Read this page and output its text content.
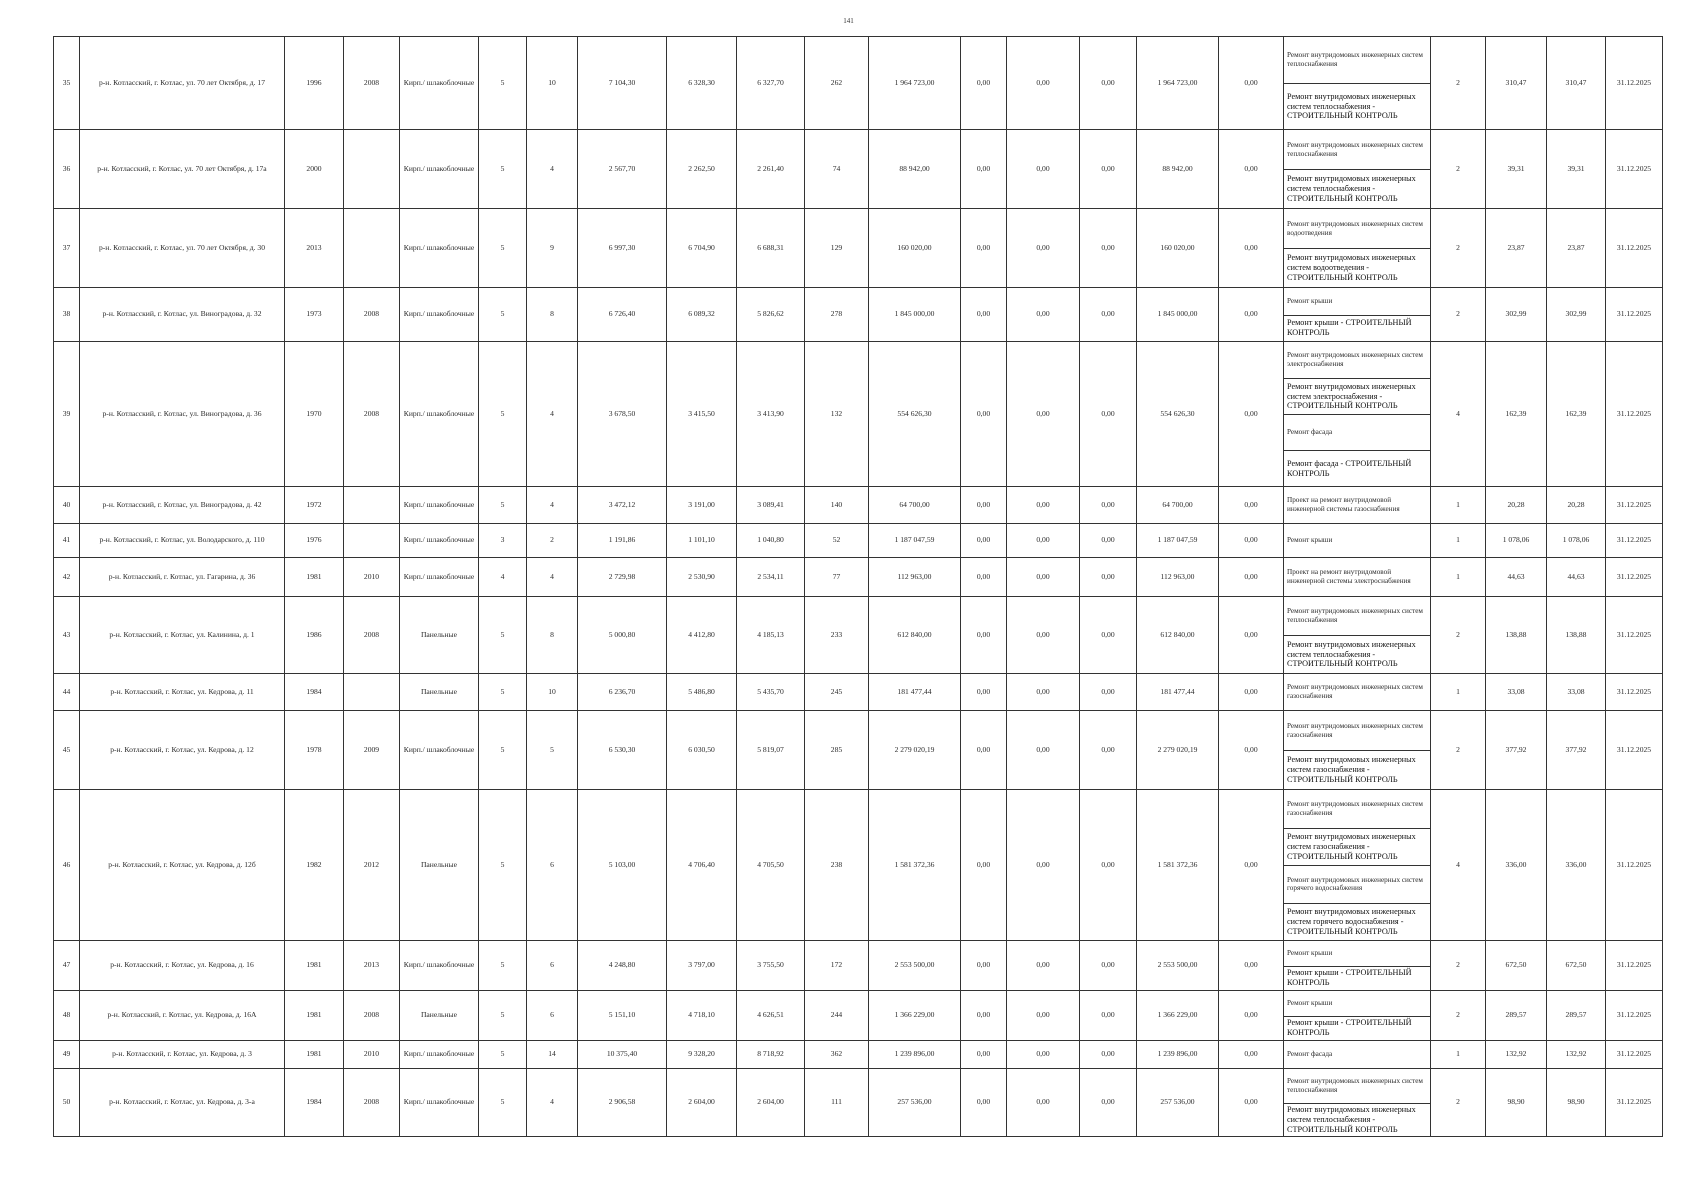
141
35	р-н. Котласский, г. Котлас, ул. 70 лет Октября, д. 17	1996	2008	Кирп./ шлакоблочные	5	10	7 104,30	6 328,30	6 327,70	262	1 964 723,00	0,00	0,00	0,00	1 964 723,00	0,00	Ремонт внутридомовых инженерных систем теплоснабжения
Ремонт внутридомовых инженерных систем теплоснабжения - СТРОИТЕЛЬНЫЙ КОНТРОЛЬ	2	310,47	310,47	31.12.2025
36	р-н. Котласский, г. Котлас, ул. 70 лет Октября, д. 17а	2000		Кирп./ шлакоблочные	5	4	2 567,70	2 262,50	2 261,40	74	88 942,00	0,00	0,00	0,00	88 942,00	0,00	Ремонт внутридомовых инженерных систем теплоснабжения
Ремонт внутридомовых инженерных систем теплоснабжения - СТРОИТЕЛЬНЫЙ КОНТРОЛЬ	2	39,31	39,31	31.12.2025
37	р-н. Котласский, г. Котлас, ул. 70 лет Октября, д. 30	2013		Кирп./ шлакоблочные	5	9	6 997,30	6 704,90	6 688,31	129	160 020,00	0,00	0,00	0,00	160 020,00	0,00	Ремонт внутридомовых инженерных систем водоотведения
Ремонт внутридомовых инженерных систем водоотведения - СТРОИТЕЛЬНЫЙ КОНТРОЛЬ	2	23,87	23,87	31.12.2025
38	р-н. Котласский, г. Котлас, ул. Виноградова, д. 32	1973	2008	Кирп./ шлакоблочные	5	8	6 726,40	6 089,32	5 826,62	278	1 845 000,00	0,00	0,00	0,00	1 845 000,00	0,00	Ремонт крыши
Ремонт крыши - СТРОИТЕЛЬНЫЙ КОНТРОЛЬ	2	302,99	302,99	31.12.2025
39	р-н. Котласский, г. Котлас, ул. Виноградова, д. 36	1970	2008	Кирп./ шлакоблочные	5	4	3 678,50	3 415,50	3 413,90	132	554 626,30	0,00	0,00	0,00	554 626,30	0,00	Ремонт внутридомовых инженерных систем электроснабжения
Ремонт внутридомовых инженерных систем электроснабжения - СТРОИТЕЛЬНЫЙ КОНТРОЛЬ
Ремонт фасада
Ремонт фасада - СТРОИТЕЛЬНЫЙ КОНТРОЛЬ	4	162,39	162,39	31.12.2025
40	р-н. Котласский, г. Котлас, ул. Виноградова, д. 42	1972		Кирп./ шлакоблочные	5	4	3 472,12	3 191,00	3 089,41	140	64 700,00	0,00	0,00	0,00	64 700,00	0,00	Проект на ремонт внутридомовой инженерной системы газоснабжения	1	20,28	20,28	31.12.2025
41	р-н. Котласский, г. Котлас, ул. Володарского, д. 110	1976		Кирп./ шлакоблочные	3	2	1 191,86	1 101,10	1 040,80	52	1 187 047,59	0,00	0,00	0,00	1 187 047,59	0,00	Ремонт крыши	1	1 078,06	1 078,06	31.12.2025
42	р-н. Котласский, г. Котлас, ул. Гагарина, д. 36	1981	2010	Кирп./ шлакоблочные	4	4	2 729,98	2 530,90	2 534,11	77	112 963,00	0,00	0,00	0,00	112 963,00	0,00	Проект на ремонт внутридомовой инженерной системы электроснабжения	1	44,63	44,63	31.12.2025
43	р-н. Котласский, г. Котлас, ул. Калинина, д. 1	1986	2008	Панельные	5	8	5 000,80	4 412,80	4 185,13	233	612 840,00	0,00	0,00	0,00	612 840,00	0,00	Ремонт внутридомовых инженерных систем теплоснабжения
Ремонт внутридомовых инженерных систем теплоснабжения - СТРОИТЕЛЬНЫЙ КОНТРОЛЬ	2	138,88	138,88	31.12.2025
44	р-н. Котласский, г. Котлас, ул. Кедрова, д. 11	1984		Панельные	5	10	6 236,70	5 486,80	5 435,70	245	181 477,44	0,00	0,00	0,00	181 477,44	0,00	Ремонт внутридомовых инженерных систем газоснабжения	1	33,08	33,08	31.12.2025
45	р-н. Котласский, г. Котлас, ул. Кедрова, д. 12	1978	2009	Кирп./ шлакоблочные	5	5	6 530,30	6 030,50	5 819,07	285	2 279 020,19	0,00	0,00	0,00	2 279 020,19	0,00	Ремонт внутридомовых инженерных систем газоснабжения
Ремонт внутридомовых инженерных систем газоснабжения - СТРОИТЕЛЬНЫЙ КОНТРОЛЬ	2	377,92	377,92	31.12.2025
46	р-н. Котласский, г. Котлас, ул. Кедрова, д. 12б	1982	2012	Панельные	5	6	5 103,00	4 706,40	4 705,50	238	1 581 372,36	0,00	0,00	0,00	1 581 372,36	0,00	Ремонт внутридомовых инженерных систем газоснабжения
Ремонт внутридомовых инженерных систем газоснабжения - СТРОИТЕЛЬНЫЙ КОНТРОЛЬ
Ремонт внутридомовых инженерных систем горячего водоснабжения
Ремонт внутридомовых инженерных систем горячего водоснабжения - СТРОИТЕЛЬНЫЙ КОНТРОЛЬ	4	336,00	336,00	31.12.2025
47	р-н. Котласский, г. Котлас, ул. Кедрова, д. 16	1981	2013	Кирп./ шлакоблочные	5	6	4 248,80	3 797,00	3 755,50	172	2 553 500,00	0,00	0,00	0,00	2 553 500,00	0,00	Ремонт крыши
Ремонт крыши - СТРОИТЕЛЬНЫЙ КОНТРОЛЬ	2	672,50	672,50	31.12.2025
48	р-н. Котласский, г. Котлас, ул. Кедрова, д. 16А	1981	2008	Панельные	5	6	5 151,10	4 718,10	4 626,51	244	1 366 229,00	0,00	0,00	0,00	1 366 229,00	0,00	Ремонт крыши
Ремонт крыши - СТРОИТЕЛЬНЫЙ КОНТРОЛЬ	2	289,57	289,57	31.12.2025
49	р-н. Котласский, г. Котлас, ул. Кедрова, д. 3	1981	2010	Кирп./ шлакоблочные	5	14	10 375,40	9 328,20	8 718,92	362	1 239 896,00	0,00	0,00	0,00	1 239 896,00	0,00	Ремонт фасада	1	132,92	132,92	31.12.2025
50	р-н. Котласский, г. Котлас, ул. Кедрова, д. 3-а	1984	2008	Кирп./ шлакоблочные	5	4	2 906,58	2 604,00	2 604,00	111	257 536,00	0,00	0,00	0,00	257 536,00	0,00	Ремонт внутридомовых инженерных систем теплоснабжения
Ремонт внутридомовых инженерных систем теплоснабжения - СТРОИТЕЛЬНЫЙ КОНТРОЛЬ	2	98,90	98,90	31.12.2025
